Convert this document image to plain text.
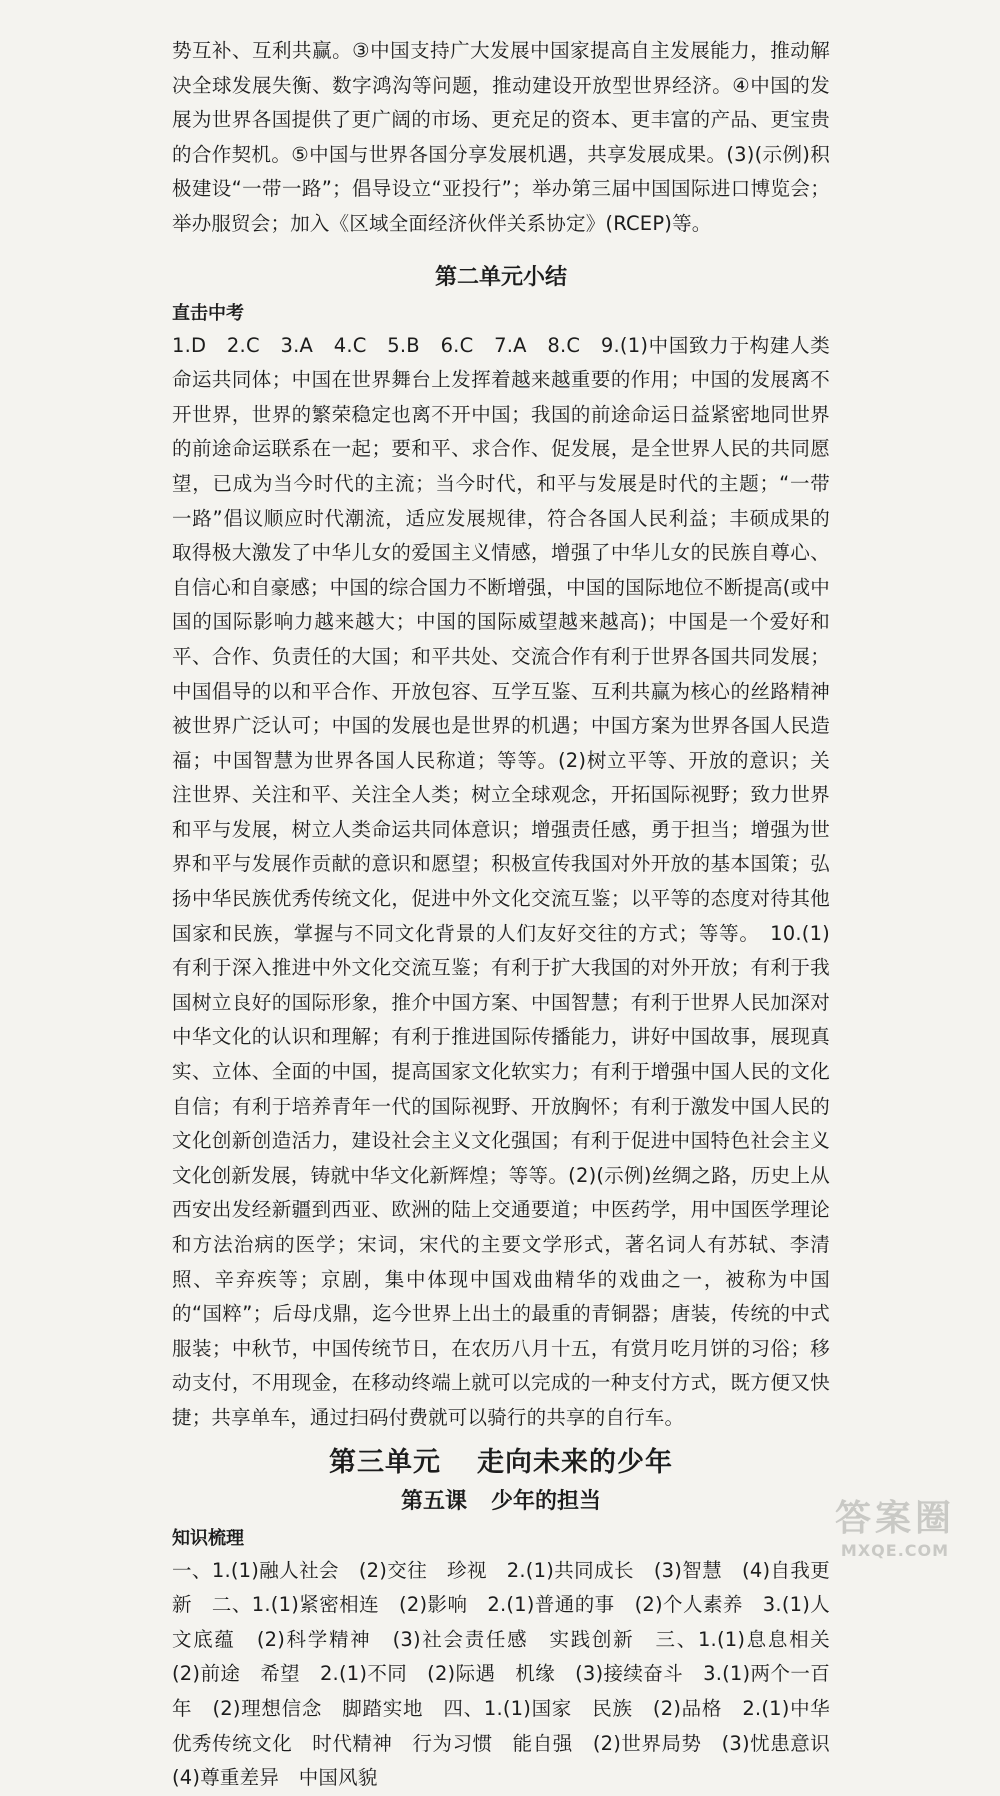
势互补、互利共赢。③中国支持广大发展中国家提高自主发展能力，推动解决全球发展失衡、数字鸿沟等问题，推动建设开放型世界经济。④中国的发展为世界各国提供了更广阔的市场、更充足的资本、更丰富的产品、更宝贵的合作契机。⑤中国与世界各国分享发展机遇，共享发展成果。(3)(示例)积极建设“一带一路”；倡导设立“亚投行”；举办第三届中国国际进口博览会；举办服贸会；加入《区域全面经济伙伴关系协定》(RCEP)等。

第二单元小结
直击中考

1.D　2.C　3.A　4.C　5.B　6.C　7.A　8.C　9.(1)中国致力于构建人类命运共同体；中国在世界舞台上发挥着越来越重要的作用；中国的发展离不开世界，世界的繁荣稳定也离不开中国；我国的前途命运日益紧密地同世界的前途命运联系在一起；要和平、求合作、促发展，是全世界人民的共同愿望，已成为当今时代的主流；当今时代，和平与发展是时代的主题；“一带一路”倡议顺应时代潮流，适应发展规律，符合各国人民利益；丰硕成果的取得极大激发了中华儿女的爱国主义情感，增强了中华儿女的民族自尊心、自信心和自豪感；中国的综合国力不断增强，中国的国际地位不断提高(或中国的国际影响力越来越大；中国的国际威望越来越高)；中国是一个爱好和平、合作、负责任的大国；和平共处、交流合作有利于世界各国共同发展；中国倡导的以和平合作、开放包容、互学互鉴、互利共赢为核心的丝路精神被世界广泛认可；中国的发展也是世界的机遇；中国方案为世界各国人民造福；中国智慧为世界各国人民称道；等等。(2)树立平等、开放的意识；关注世界、关注和平、关注全人类；树立全球观念，开拓国际视野；致力世界和平与发展，树立人类命运共同体意识；增强责任感，勇于担当；增强为世界和平与发展作贡献的意识和愿望；积极宣传我国对外开放的基本国策；弘扬中华民族优秀传统文化，促进中外文化交流互鉴；以平等的态度对待其他国家和民族，掌握与不同文化背景的人们友好交往的方式；等等。　10.(1)有利于深入推进中外文化交流互鉴；有利于扩大我国的对外开放；有利于我国树立良好的国际形象，推介中国方案、中国智慧；有利于世界人民加深对中华文化的认识和理解；有利于推进国际传播能力，讲好中国故事，展现真实、立体、全面的中国，提高国家文化软实力；有利于增强中国人民的文化自信；有利于培养青年一代的国际视野、开放胸怀；有利于激发中国人民的文化创新创造活力，建设社会主义文化强国；有利于促进中国特色社会主义文化创新发展，铸就中华文化新辉煌；等等。(2)(示例)丝绸之路，历史上从西安出发经新疆到西亚、欧洲的陆上交通要道；中医药学，用中国医学理论和方法治病的医学；宋词，宋代的主要文学形式，著名词人有苏轼、李清照、辛弃疾等；京剧，集中体现中国戏曲精华的戏曲之一，被称为中国的“国粹”；后母戊鼎，迄今世界上出土的最重的青铜器；唐装，传统的中式服装；中秋节，中国传统节日，在农历八月十五，有赏月吃月饼的习俗；移动支付，不用现金，在移动终端上就可以完成的一种支付方式，既方便又快捷；共享单车，通过扫码付费就可以骑行的共享的自行车。

第三单元 走向未来的少年
第五课 少年的担当
知识梳理

一、1.(1)融人社会　(2)交往　珍视　2.(1)共同成长　(3)智慧　(4)自我更新　二、1.(1)紧密相连　(2)影响　2.(1)普通的事　(2)个人素养　3.(1)人文底蕴　(2)科学精神　(3)社会责任感　实践创新　三、1.(1)息息相关　(2)前途　希望　2.(1)不同　(2)际遇　机缘　(3)接续奋斗　3.(1)两个一百年　(2)理想信念　脚踏实地　四、1.(1)国家　民族　(2)品格　2.(1)中华优秀传统文化　时代精神　行为习惯　能自强　(2)世界局势　(3)忧患意识　(4)尊重差异　中国风貌

答案圈
MXQE.COM
